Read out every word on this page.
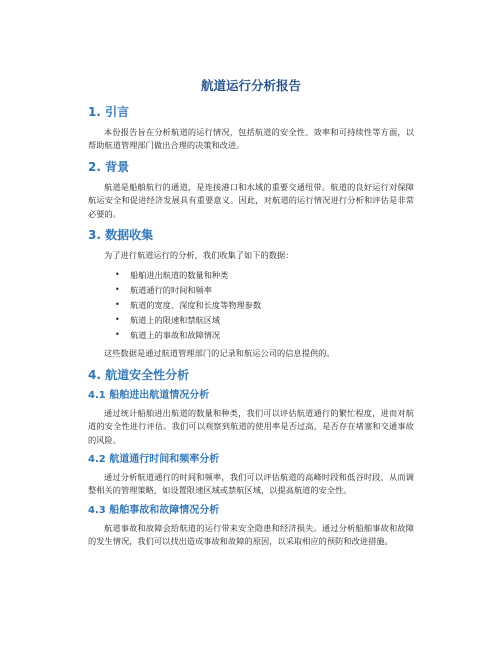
航道运行分析报告
1. 引言

本份报告旨在分析航道的运行情况，包括航道的安全性、效率和可持续性等方面，以帮助航道管理部门做出合理的决策和改进。

2. 背景

航道是船舶航行的通道，是连接港口和水域的重要交通纽带。航道的良好运行对保障航运安全和促进经济发展具有重要意义。因此，对航道的运行情况进行分析和评估是非常必要的。

3. 数据收集

为了进行航道运行的分析，我们收集了如下的数据：

• 船舶进出航道的数量和种类
• 航道通行的时间和频率
• 航道的宽度、深度和长度等物理参数
• 航道上的限速和禁航区域
• 航道上的事故和故障情况

这些数据是通过航道管理部门的记录和航运公司的信息提供的。

4. 航道安全性分析
4.1 船舶进出航道情况分析

通过统计船舶进出航道的数量和种类，我们可以评估航道通行的繁忙程度，进而对航道的安全性进行评估。我们可以观察到航道的使用率是否过高，是否存在堵塞和交通事故的风险。

4.2 航道通行时间和频率分析

通过分析航道通行的时间和频率，我们可以评估航道的高峰时段和低谷时段，从而调整相关的管理策略，如设置限速区域或禁航区域，以提高航道的安全性。

4.3 船舶事故和故障情况分析

航道事故和故障会给航道的运行带来安全隐患和经济损失。通过分析船舶事故和故障的发生情况，我们可以找出造成事故和故障的原因，以采取相应的预防和改进措施。
